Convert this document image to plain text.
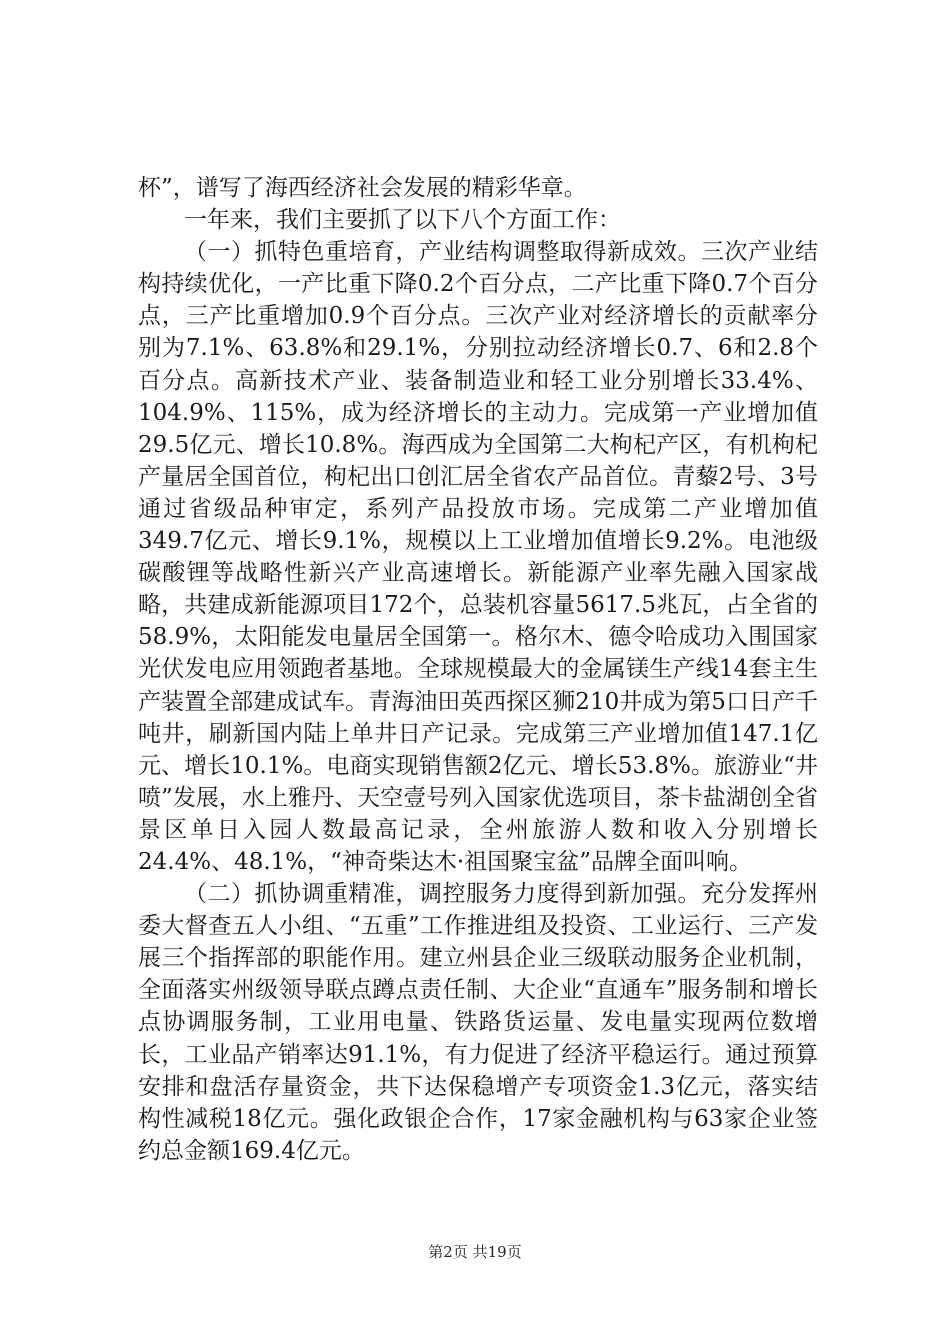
杯”，谱写了海西经济社会发展的精彩华章。

一年来，我们主要抓了以下八个方面工作：

（一）抓特色重培育，产业结构调整取得新成效。三次产业结构持续优化，一产比重下降0.2个百分点，二产比重下降0.7个百分点，三产比重增加0.9个百分点。三次产业对经济增长的贡献率分别为7.1%、63.8%和29.1%，分别拉动经济增长0.7、6和2.8个百分点。高新技术产业、装备制造业和轻工业分别增长33.4%、104.9%、115%，成为经济增长的主动力。完成第一产业增加值29.5亿元、增长10.8%。海西成为全国第二大枸杞产区，有机枸杞产量居全国首位，枸杞出口创汇居全省农产品首位。青藜2号、3号通过省级品种审定，系列产品投放市场。完成第二产业增加值349.7亿元、增长9.1%，规模以上工业增加值增长9.2%。电池级碳酸锂等战略性新兴产业高速增长。新能源产业率先融入国家战略，共建成新能源项目172个，总装机容量5617.5兆瓦，占全省的58.9%，太阳能发电量居全国第一。格尔木、德令哈成功入围国家光伏发电应用领跑者基地。全球规模最大的金属镁生产线14套主生产装置全部建成试车。青海油田英西探区狮210井成为第5口日产千吨井，刷新国内陆上单井日产记录。完成第三产业增加值147.1亿元、增长10.1%。电商实现销售额2亿元、增长53.8%。旅游业“井喷”发展，水上雅丹、天空壹号列入国家优选项目，茶卡盐湖创全省景区单日入园人数最高记录，全州旅游人数和收入分别增长24.4%、48.1%，“神奇柴达木·祖国聚宝盆”品牌全面叫响。

（二）抓协调重精准，调控服务力度得到新加强。充分发挥州委大督查五人小组、“五重”工作推进组及投资、工业运行、三产发展三个指挥部的职能作用。建立州县企业三级联动服务企业机制，全面落实州级领导联点蹲点责任制、大企业“直通车”服务制和增长点协调服务制，工业用电量、铁路货运量、发电量实现两位数增长，工业品产销率达91.1%，有力促进了经济平稳运行。通过预算安排和盘活存量资金，共下达保稳增产专项资金1.3亿元，落实结构性减税18亿元。强化政银企合作，17家金融机构与63家企业签约总金额169.4亿元。

第2页 共19页
